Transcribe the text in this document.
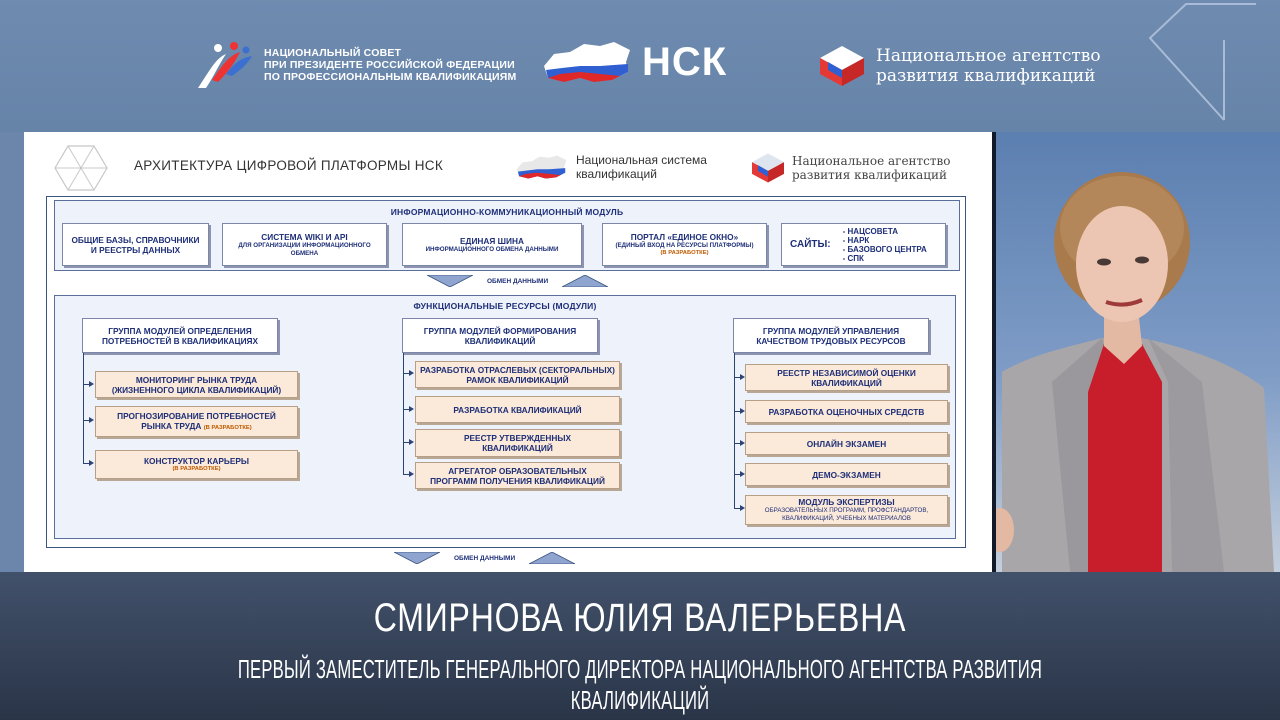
НАЦИОНАЛЬНЫЙ СОВЕТ
ПРИ ПРЕЗИДЕНТЕ РОССИЙСКОЙ ФЕДЕРАЦИИ
ПО ПРОФЕССИОНАЛЬНЫМ КВАЛИФИКАЦИЯМ	НСК	Национальное агентство
развития квалификаций
АРХИТЕКТУРА ЦИФРОВОЙ ПЛАТФОРМЫ НСК	Национальная система
квалификаций
Национальное агентство
развития квалификаций
ИНФОРМАЦИОННО-КОММУНИКАЦИОННЫЙ МОДУЛЬ
ОБЩИЕ БАЗЫ, СПРАВОЧНИКИ
И РЕЕСТРЫ ДАННЫХ
СИСТЕМА WIKI И API
ДЛЯ ОРГАНИЗАЦИИ ИНФОРМАЦИОННОГО ОБМЕНА
ЕДИНАЯ ШИНА
ИНФОРМАЦИОННОГО ОБМЕНА ДАННЫМИ
ПОРТАЛ «ЕДИНОЕ ОКНО»
(ЕДИНЫЙ ВХОД НА РЕСУРСЫ ПЛАТФОРМЫ)
(В РАЗРАБОТКЕ)
САЙТЫ:
- НАЦСОВЕТА
- НАРК
- БАЗОВОГО ЦЕНТРА
- СПК
ОБМЕН ДАННЫМИ
ФУНКЦИОНАЛЬНЫЕ РЕСУРСЫ (МОДУЛИ)
ГРУППА МОДУЛЕЙ ОПРЕДЕЛЕНИЯ
ПОТРЕБНОСТЕЙ В КВАЛИФИКАЦИЯХ
МОНИТОРИНГ РЫНКА ТРУДА
(ЖИЗНЕННОГО ЦИКЛА КВАЛИФИКАЦИЙ)
ПРОГНОЗИРОВАНИЕ ПОТРЕБНОСТЕЙ
РЫНКА ТРУДА (В РАЗРАБОТКЕ)
КОНСТРУКТОР КАРЬЕРЫ
(В РАЗРАБОТКЕ)
ГРУППА МОДУЛЕЙ ФОРМИРОВАНИЯ
КВАЛИФИКАЦИЙ
РАЗРАБОТКА ОТРАСЛЕВЫХ (СЕКТОРАЛЬНЫХ)
РАМОК КВАЛИФИКАЦИЙ
РАЗРАБОТКА КВАЛИФИКАЦИЙ
РЕЕСТР УТВЕРЖДЕННЫХ
КВАЛИФИКАЦИЙ
АГРЕГАТОР ОБРАЗОВАТЕЛЬНЫХ
ПРОГРАММ ПОЛУЧЕНИЯ КВАЛИФИКАЦИЙ
ГРУППА МОДУЛЕЙ УПРАВЛЕНИЯ
КАЧЕСТВОМ ТРУДОВЫХ РЕСУРСОВ
РЕЕСТР НЕЗАВИСИМОЙ ОЦЕНКИ
КВАЛИФИКАЦИЙ
РАЗРАБОТКА ОЦЕНОЧНЫХ СРЕДСТВ
ОНЛАЙН ЭКЗАМЕН
ДЕМО-ЭКЗАМЕН
МОДУЛЬ ЭКСПЕРТИЗЫ
ОБРАЗОВАТЕЛЬНЫХ ПРОГРАММ, ПРОФСТАНДАРТОВ,
КВАЛИФИКАЦИЙ, УЧЕБНЫХ МАТЕРИАЛОВ
ОБМЕН ДАННЫМИ
СМИРНОВА ЮЛИЯ ВАЛЕРЬЕВНА
ПЕРВЫЙ ЗАМЕСТИТЕЛЬ ГЕНЕРАЛЬНОГО ДИРЕКТОРА НАЦИОНАЛЬНОГО АГЕНТСТВА РАЗВИТИЯ КВАЛИФИКАЦИЙ
